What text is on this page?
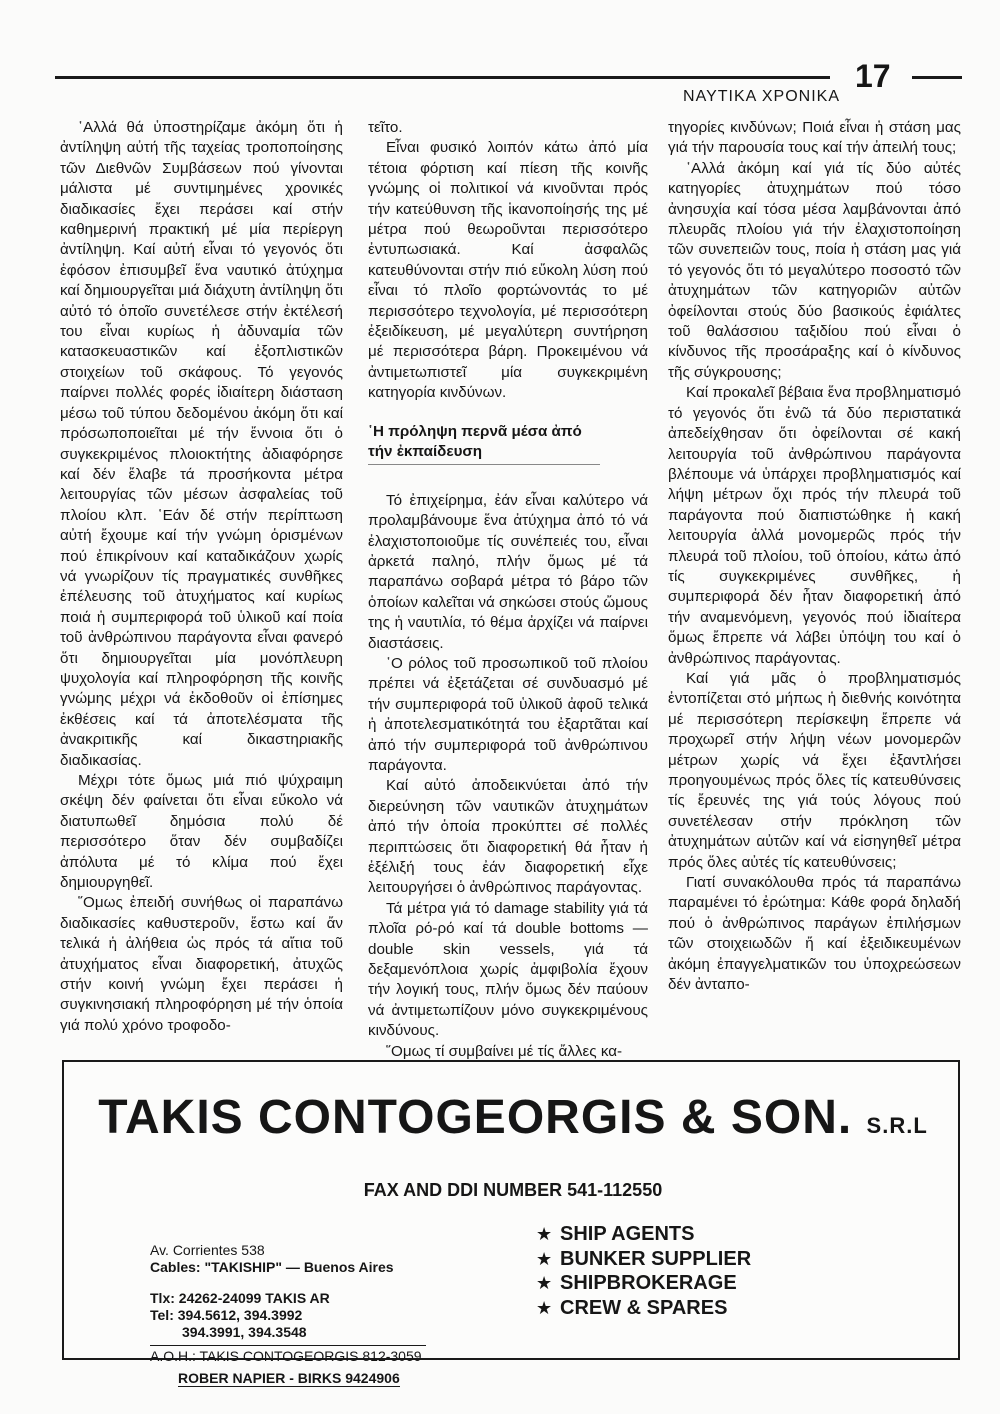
ΝΑΥΤΙΚΑ ΧΡΟΝΙΚΑ
17

῾Αλλά θά ὑποστηρίζαμε ἀκόμη ὅτι ἡ ἀντίληψη αὐτή τῆς ταχείας τροποποίησης τῶν Διεθνῶν Συμβάσεων πού γίνονται μάλιστα μέ συντιμημένες χρονικές διαδικασίες ἔχει περάσει καί στήν καθημερινή πρακτική μέ μία περίεργη ἀντίληψη. Καί αὐτή εἶναι τό γεγονός ὅτι ἐφόσον ἐπισυμβεῖ ἕνα ναυτικό ἀτύχημα καί δημιουργεῖται μιά διάχυτη ἀντίληψη ὅτι αὐτό τό ὁποῖο συνετέλεσε στήν ἐκτέλεσή του εἶναι κυρίως ἡ ἀδυναμία τῶν κατασκευαστικῶν καί ἐξοπλιστικῶν στοιχείων τοῦ σκάφους. Τό γεγονός παίρνει πολλές φορές ἰδιαίτερη διάσταση μέσω τοῦ τύπου δεδομένου ἀκόμη ὅτι καί πρόσωποποιεῖται μέ τήν ἔννοια ὅτι ὁ συγκεκριμένος πλοιοκτήτης ἀδιαφόρησε καί δέν ἔλαβε τά προσήκοντα μέτρα λειτουργίας τῶν μέσων ἀσφαλείας τοῦ πλοίου κλπ. ῾Εάν δέ στήν περίπτωση αὐτή ἔχουμε καί τήν γνώμη ὁρισμένων πού ἐπικρίνουν καί καταδικάζουν χωρίς νά γνωρίζουν τίς πραγματικές συνθῆκες ἐπέλευσης τοῦ ἀτυχήματος καί κυρίως ποιά ἡ συμπεριφορά τοῦ ὑλικοῦ καί ποία τοῦ ἀνθρώπινου παράγοντα εἶναι φανερό ὅτι δημιουργεῖται μία μονόπλευρη ψυχολογία καί πληροφόρηση τῆς κοινῆς γνώμης μέχρι νά ἐκδοθοῦν οἱ ἐπίσημες ἐκθέσεις καί τά ἀποτελέσματα τῆς ἀνακριτικῆς καί δικαστηριακῆς διαδικασίας.

Μέχρι τότε ὅμως μιά πιό ψύχραιμη σκέψη δέν φαίνεται ὅτι εἶναι εὔκολο νά διατυπωθεῖ δημόσια πολύ δέ περισσότερο ὅταν δέν συμβαδίζει ἀπόλυτα μέ τό κλίμα πού ἔχει δημιουργηθεῖ.

῞Ομως ἐπειδή συνήθως οἱ παραπάνω διαδικασίες καθυστεροῦν, ἔστω καί ἄν τελικά ἡ ἀλήθεια ὡς πρός τά αἴτια τοῦ ἀτυχήματος εἶναι διαφορετική, ἀτυχῶς στήν κοινή γνώμη ἔχει περάσει ἡ συγκινησιακή πληροφόρηση μέ τήν ὁποία γιά πολύ χρόνο τροφοδο-

τεῖτο.

Εἶναι φυσικό λοιπόν κάτω ἀπό μία τέτοια φόρτιση καί πίεση τῆς κοινῆς γνώμης οἱ πολιτικοί νά κινοῦνται πρός τήν κατεύθυνση τῆς ἱκανοποίησής της μέ μέτρα πού θεωροῦνται περισσότερο ἐντυπωσιακά. Καί ἀσφαλῶς κατευθύνονται στήν πιό εὔκολη λύση πού εἶναι τό πλοῖο φορτώνοντάς το μέ περισσότερο τεχνολογία, μέ περισσότερη ἐξειδίκευση, μέ μεγαλύτερη συντήρηση μέ περισσότερα βάρη. Προκειμένου νά ἀντιμετωπιστεῖ μία συγκεκριμένη κατηγορία κινδύνων.

῾Η πρόληψη περνᾶ μέσα ἀπό τήν ἐκπαίδευση

Τό ἐπιχείρημα, ἐάν εἶναι καλύτερο νά προλαμβάνουμε ἕνα ἀτύχημα ἀπό τό νά ἐλαχιστοποιοῦμε τίς συνέπειές του, εἶναι ἀρκετά παληό, πλήν ὅμως μέ τά παραπάνω σοβαρά μέτρα τό βάρο τῶν ὁποίων καλεῖται νά σηκώσει στούς ὤμους της ἡ ναυτιλία, τό θέμα ἀρχίζει νά παίρνει διαστάσεις.

῾Ο ρόλος τοῦ προσωπικοῦ τοῦ πλοίου πρέπει νά ἐξετάζεται σέ συνδυασμό μέ τήν συμπεριφορά τοῦ ὑλικοῦ ἀφοῦ τελικά ἡ ἀποτελεσματικότητά του ἐξαρτᾶται καί ἀπό τήν συμπεριφορά τοῦ ἀνθρώπινου παράγοντα.

Καί αὐτό ἀποδεικνύεται ἀπό τήν διερεύνηση τῶν ναυτικῶν ἀτυχημάτων ἀπό τήν ὁποία προκύπτει σέ πολλές περιπτώσεις ὅτι διαφορετική θά ἦταν ἡ ἐξέλιξή τους ἐάν διαφορετική εἶχε λειτουργήσει ὁ ἀνθρώπινος παράγοντας.

Τά μέτρα γιά τό damage stability γιά τά πλοῖα ρό-ρό καί τά double bottoms — double skin vessels, γιά τά δεξαμενόπλοια χωρίς ἀμφιβολία ἔχουν τήν λογική τους, πλήν ὅμως δέν παύουν νά ἀντιμετωπίζουν μόνο συγκεκριμένους κινδύνους.

῞Ομως τί συμβαίνει μέ τίς ἄλλες κα-

τηγορίες κινδύνων; Ποιά εἶναι ἡ στάση μας γιά τήν παρουσία τους καί τήν ἀπειλή τους;

῾Αλλά ἀκόμη καί γιά τίς δύο αὐτές κατηγορίες ἀτυχημάτων πού τόσο ἀνησυχία καί τόσα μέσα λαμβάνονται ἀπό πλευρᾶς πλοίου γιά τήν ἐλαχιστοποίηση τῶν συνεπειῶν τους, ποία ἡ στάση μας γιά τό γεγονός ὅτι τό μεγαλύτερο ποσοστό τῶν ἀτυχημάτων τῶν κατηγοριῶν αὐτῶν ὀφείλονται στούς δύο βασικούς ἐφιάλτες τοῦ θαλάσσιου ταξιδίου πού εἶναι ὁ κίνδυνος τῆς προσάραξης καί ὁ κίνδυνος τῆς σύγκρουσης;

Καί προκαλεῖ βέβαια ἕνα προβληματισμό τό γεγονός ὅτι ἐνῶ τά δύο περιστατικά ἀπεδείχθησαν ὅτι ὀφείλονται σέ κακή λειτουργία τοῦ ἀνθρώπινου παράγοντα βλέπουμε νά ὑπάρχει προβληματισμός καί λήψη μέτρων ὄχι πρός τήν πλευρά τοῦ παράγοντα πού διαπιστώθηκε ἡ κακή λειτουργία ἀλλά μονομερῶς πρός τήν πλευρά τοῦ πλοίου, τοῦ ὁποίου, κάτω ἀπό τίς συγκεκριμένες συνθῆκες, ἡ συμπεριφορά δέν ἦταν διαφορετική ἀπό τήν αναμενόμενη, γεγονός πού ἰδιαίτερα ὅμως ἔπρεπε νά λάβει ὑπόψη του καί ὁ ἀνθρώπινος παράγοντας.

Καί γιά μᾶς ὁ προβληματισμός ἐντοπίζεται στό μήπως ἡ διεθνής κοινότητα μέ περισσότερη περίσκεψη ἔπρεπε νά προχωρεῖ στήν λήψη νέων μονομερῶν μέτρων χωρίς νά ἔχει ἐξαντλήσει προηγουμένως πρός ὅλες τίς κατευθύνσεις τίς ἔρευνές της γιά τούς λόγους πού συνετέλεσαν στήν πρόκληση τῶν ἀτυχημάτων αὐτῶν καί νά εἰσηγηθεῖ μέτρα πρός ὅλες αὐτές τίς κατευθύνσεις;

Γιατί συνακόλουθα πρός τά παραπάνω παραμένει τό ἐρώτημα: Κάθε φορά δηλαδή πού ὁ ἀνθρώπινος παράγων ἐπιλήσμων τῶν στοιχειωδῶν ἤ καί ἐξειδικευμένων ἀκόμη ἐπαγγελματικῶν του ὑποχρεώσεων δέν ἀνταπο-

TAKIS CONTOGEORGIS & SON. S.R.L
FAX AND DDI NUMBER 541-112550
Av. Corrientes 538
Cables: "TAKISHIP" — Buenos Aires
Tlx: 24262-24099 TAKIS AR
Tel: 394.5612, 394.3992
394.3991, 394.3548
A.O.H.: TAKIS CONTOGEORGIS 812-3059
ROBER NAPIER - BIRKS 9424906
★ SHIP AGENTS
★ BUNKER SUPPLIER
★ SHIPBROKERAGE
★ CREW & SPARES
